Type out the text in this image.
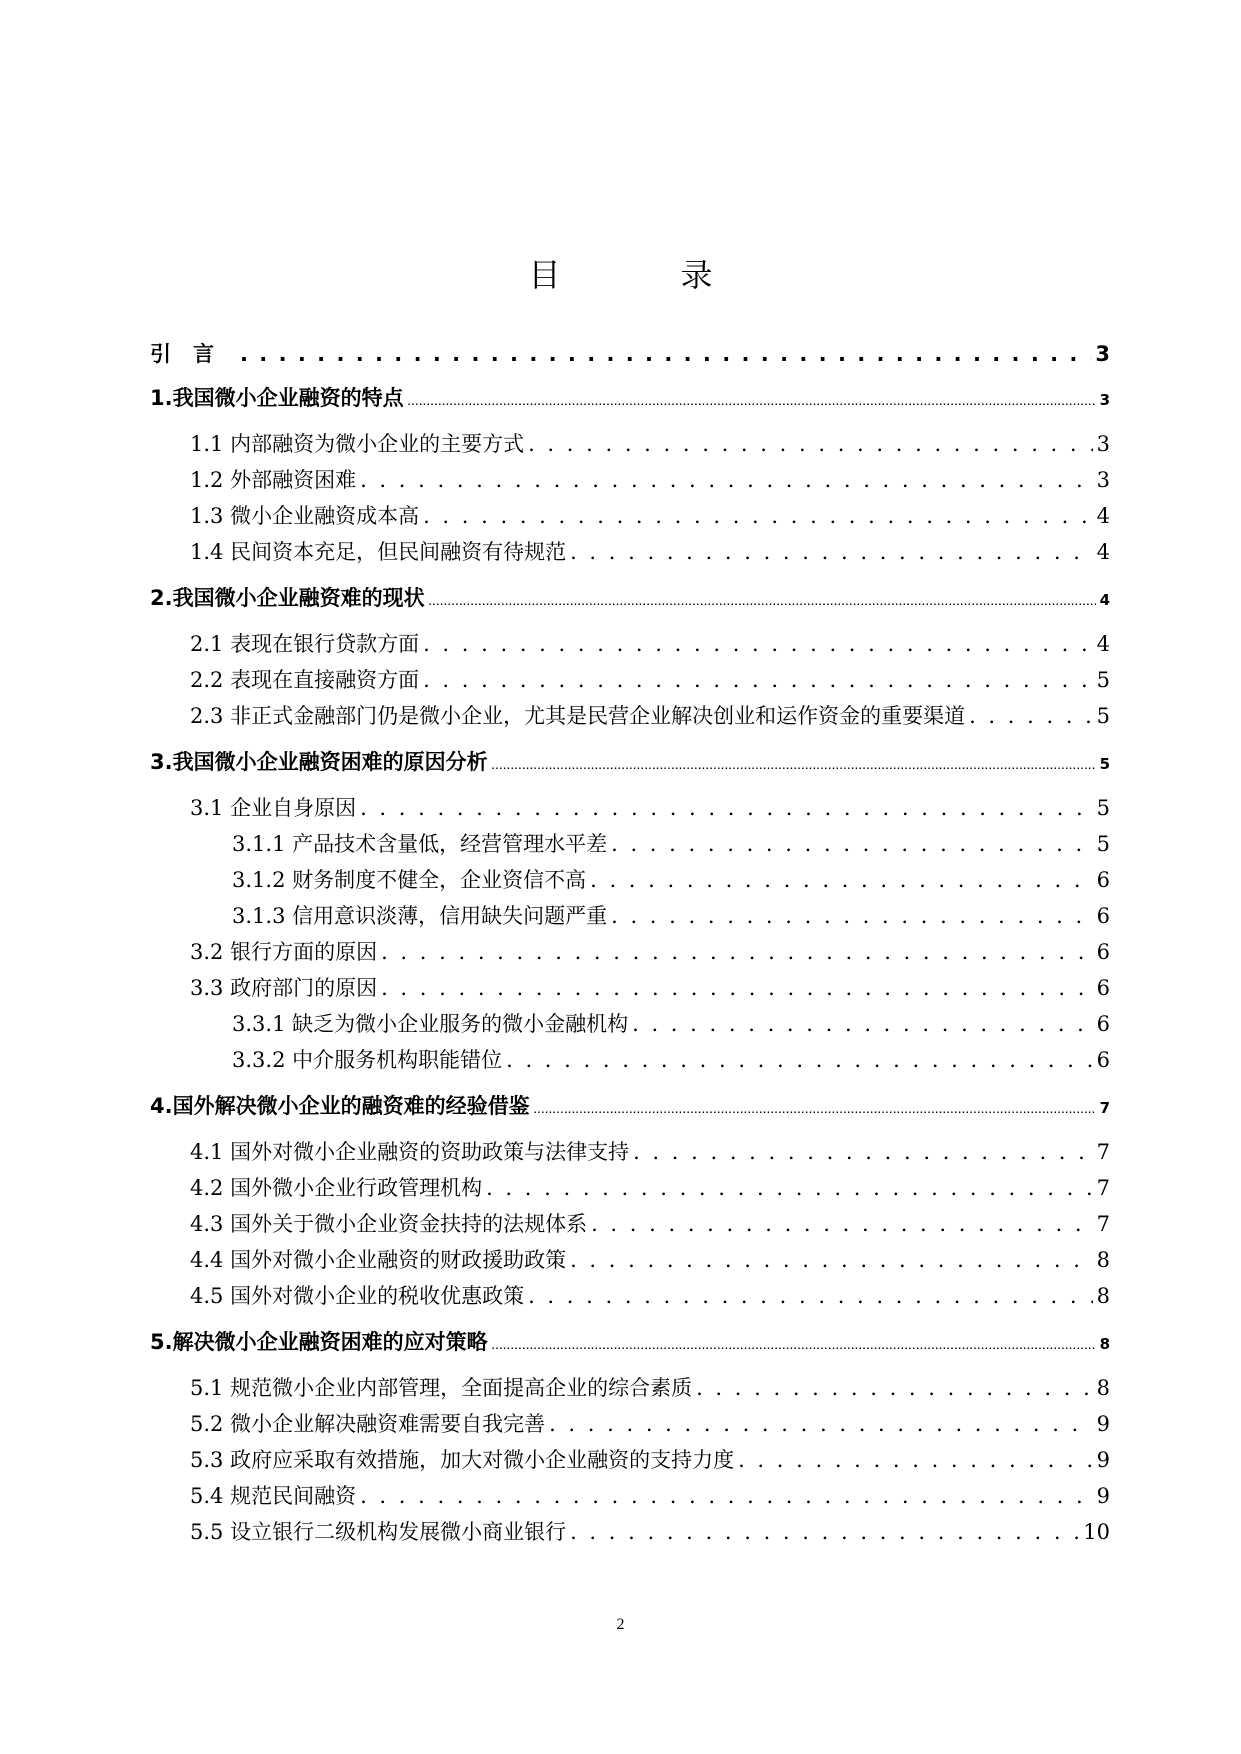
目　录
引言 . . .	3
1.我国微小企业融资的特点 . . .	3
1.1 内部融资为微小企业的主要方式 . . .	3
1.2 外部融资困难 . . .	3
1.3 微小企业融资成本高 . . .	4
1.4 民间资本充足，但民间融资有待规范 . . .	4
2.我国微小企业融资难的现状 . . .	4
2.1 表现在银行贷款方面 . . .	4
2.2 表现在直接融资方面 . . .	5
2.3 非正式金融部门仍是微小企业，尤其是民营企业解决创业和运作资金的重要渠道 . . .	5
3.我国微小企业融资困难的原因分析 . . .	5
3.1 企业自身原因 . . .	5
3.1.1 产品技术含量低，经营管理水平差 . . .	5
3.1.2 财务制度不健全，企业资信不高 . . .	6
3.1.3 信用意识淡薄，信用缺失问题严重 . . .	6
3.2 银行方面的原因 . . .	6
3.3 政府部门的原因 . . .	6
3.3.1 缺乏为微小企业服务的微小金融机构 . . .	6
3.3.2 中介服务机构职能错位 . . .	6
4.国外解决微小企业的融资难的经验借鉴 . . .	7
4.1 国外对微小企业融资的资助政策与法律支持 . . .	7
4.2 国外微小企业行政管理机构 . . .	7
4.3 国外关于微小企业资金扶持的法规体系 . . .	7
4.4 国外对微小企业融资的财政援助政策 . . .	8
4.5 国外对微小企业的税收优惠政策 . . .	8
5.解决微小企业融资困难的应对策略 . . .	8
5.1 规范微小企业内部管理，全面提高企业的综合素质 . . .	8
5.2 微小企业解决融资难需要自我完善 . . .	9
5.3 政府应采取有效措施，加大对微小企业融资的支持力度 . . .	9
5.4 规范民间融资 . . .	9
5.5 设立银行二级机构发展微小商业银行 . . .	10
2
